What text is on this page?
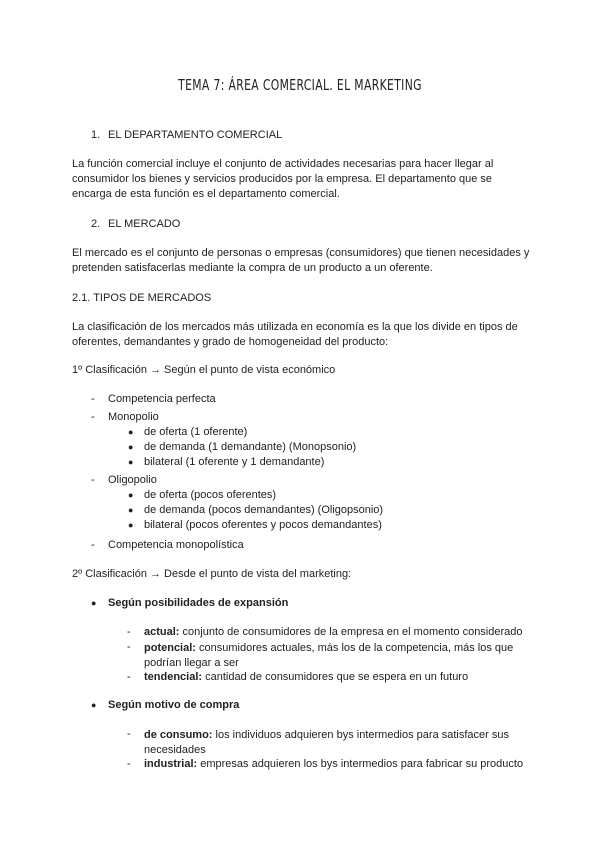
TEMA 7: ÁREA COMERCIAL. EL MARKETING
1. EL DEPARTAMENTO COMERCIAL
La función comercial incluye el conjunto de actividades necesarias para hacer llegar al consumidor los bienes y servicios producidos por la empresa. El departamento que se encarga de esta función es el departamento comercial.
2. EL MERCADO
El mercado es el conjunto de personas o empresas (consumidores) que tienen necesidades y pretenden satisfacerlas mediante la compra de un producto a un oferente.
2.1. TIPOS DE MERCADOS
La clasificación de los mercados más utilizada en economía es la que los divide en tipos de oferentes, demandantes y grado de homogeneidad del producto:
1º Clasificación → Según el punto de vista económico
- Competencia perfecta
- Monopolio
● de oferta (1 oferente)
● de demanda (1 demandante) (Monopsonio)
● bilateral (1 oferente y 1 demandante)
- Oligopolio
● de oferta (pocos oferentes)
● de demanda (pocos demandantes) (Oligopsonio)
● bilateral (pocos oferentes y pocos demandantes)
- Competencia monopolística
2º Clasificación → Desde el punto de vista del marketing:
● Según posibilidades de expansión
- actual: conjunto de consumidores de la empresa en el momento considerado
- potencial: consumidores actuales, más los de la competencia, más los que podrían llegar a ser
- tendencial: cantidad de consumidores que se espera en un futuro
● Según motivo de compra
- de consumo: los individuos adquieren bys intermedios para satisfacer sus necesidades
- industrial: empresas adquieren los bys intermedios para fabricar su producto
